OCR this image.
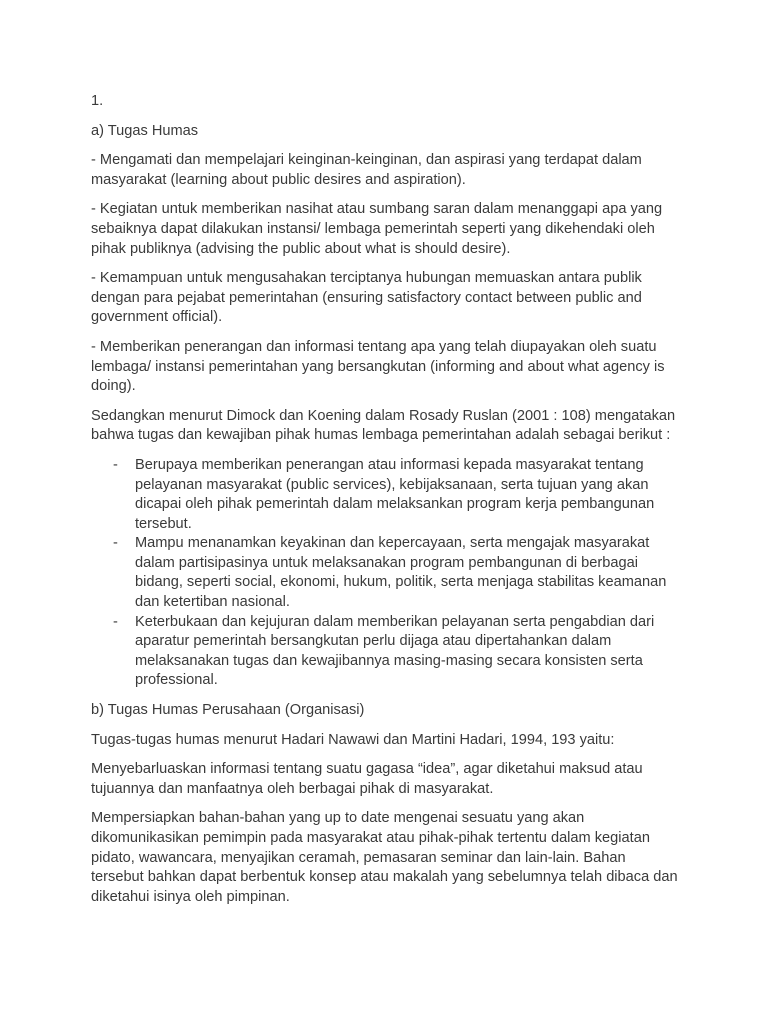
1.

a) Tugas Humas

- Mengamati dan mempelajari keinginan-keinginan, dan aspirasi yang terdapat dalam masyarakat (learning about public desires and aspiration).

- Kegiatan untuk memberikan nasihat atau sumbang saran dalam menanggapi apa yang sebaiknya dapat dilakukan instansi/ lembaga pemerintah seperti yang dikehendaki oleh pihak publiknya (advising the public about what is should desire).

- Kemampuan untuk mengusahakan terciptanya hubungan memuaskan antara publik dengan para pejabat pemerintahan (ensuring satisfactory contact between public and government official).

- Memberikan penerangan dan informasi tentang apa yang telah diupayakan oleh suatu lembaga/ instansi pemerintahan yang bersangkutan (informing and about what agency is doing).

Sedangkan menurut Dimock dan Koening dalam Rosady Ruslan (2001 : 108) mengatakan bahwa tugas dan kewajiban pihak humas lembaga pemerintahan adalah sebagai berikut :

- Berupaya memberikan penerangan atau informasi kepada masyarakat tentang pelayanan masyarakat (public services), kebijaksanaan, serta tujuan yang akan dicapai oleh pihak pemerintah dalam melaksankan program kerja pembangunan tersebut.
- Mampu menanamkan keyakinan dan kepercayaan, serta mengajak masyarakat dalam partisipasinya untuk melaksanakan program pembangunan di berbagai bidang, seperti social, ekonomi, hukum, politik, serta menjaga stabilitas keamanan dan ketertiban nasional.
- Keterbukaan dan kejujuran dalam memberikan pelayanan serta pengabdian dari aparatur pemerintah bersangkutan perlu dijaga atau dipertahankan dalam melaksanakan tugas dan kewajibannya masing-masing secara konsisten serta professional.

b) Tugas Humas Perusahaan (Organisasi)

Tugas-tugas humas menurut Hadari Nawawi dan Martini Hadari, 1994, 193 yaitu:

Menyebarluaskan informasi tentang suatu gagasa “idea”, agar diketahui maksud atau tujuannya dan manfaatnya oleh berbagai pihak di masyarakat.

Mempersiapkan bahan-bahan yang up to date mengenai sesuatu yang akan dikomunikasikan pemimpin pada masyarakat atau pihak-pihak tertentu dalam kegiatan pidato, wawancara, menyajikan ceramah, pemasaran seminar dan lain-lain. Bahan tersebut bahkan dapat berbentuk konsep atau makalah yang sebelumnya telah dibaca dan diketahui isinya oleh pimpinan.
